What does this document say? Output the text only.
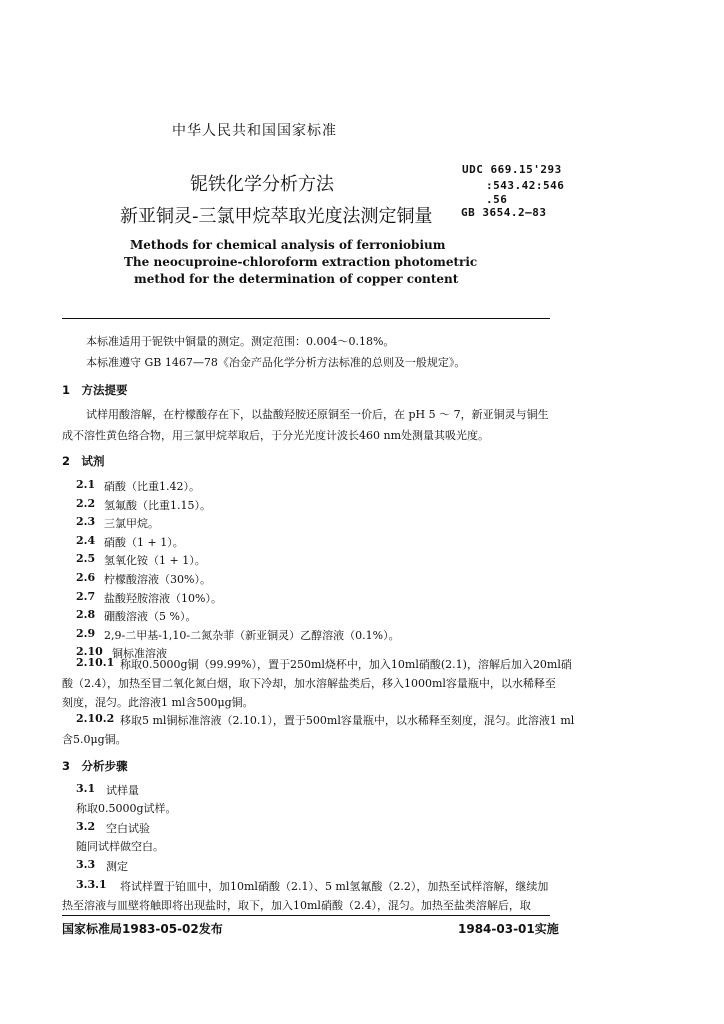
中华人民共和国国家标准
铌铁化学分析方法
新亚铜灵-三氯甲烷萃取光度法测定铜量
UDC 669.15'293
:543.42:546
.56
GB 3654.2—83
Methods for chemical analysis of ferroniobium
The neocuproine-chloroform extraction photometric
method for the determination of copper content
本标准适用于铌铁中铜量的测定。测定范围：0.004～0.18%。
本标准遵守 GB 1467—78《冶金产品化学分析方法标准的总则及一般规定》。
1　方法提要
试样用酸溶解，在柠檬酸存在下，以盐酸羟胺还原铜至一价后，在 pH 5 ～ 7，新亚铜灵与铜生
成不溶性黄色络合物，用三氯甲烷萃取后，于分光光度计波长460 nm处测量其吸光度。
2　试剂
2.1 硝酸（比重1.42）。
2.2 氢氟酸（比重1.15）。
2.3 三氯甲烷。
2.4 硝酸（1 + 1）。
2.5 氢氧化铵（1 + 1）。
2.6 柠檬酸溶液（30%）。
2.7 盐酸羟胺溶液（10%）。
2.8 硼酸溶液（5 %）。
2.9 2,9-二甲基-1,10-二氮杂菲（新亚铜灵）乙醇溶液（0.1%）。
2.10 铜标准溶液
2.10.1 称取0.5000g铜（99.99%），置于250ml烧杯中，加入10ml硝酸(2.1)，溶解后加入20ml硝
酸（2.4），加热至冒二氧化氮白烟，取下冷却，加水溶解盐类后，移入1000ml容量瓶中，以水稀释至
刻度，混匀。此溶液1 ml含500μg铜。
2.10.2 移取5 ml铜标准溶液（2.10.1），置于500ml容量瓶中，以水稀释至刻度，混匀。此溶液1 ml
含5.0μg铜。
3　分析步骤
3.1 试样量
称取0.5000g试样。
3.2 空白试验
随同试样做空白。
3.3 测定
3.3.1 将试样置于铂皿中，加10ml硝酸（2.1）、5 ml氢氟酸（2.2），加热至试样溶解，继续加
热至溶液与皿壁将触即将出现盐时，取下，加入10ml硝酸（2.4），混匀。加热至盐类溶解后，取
国家标准局1983-05-02发布	1984-03-01实施
